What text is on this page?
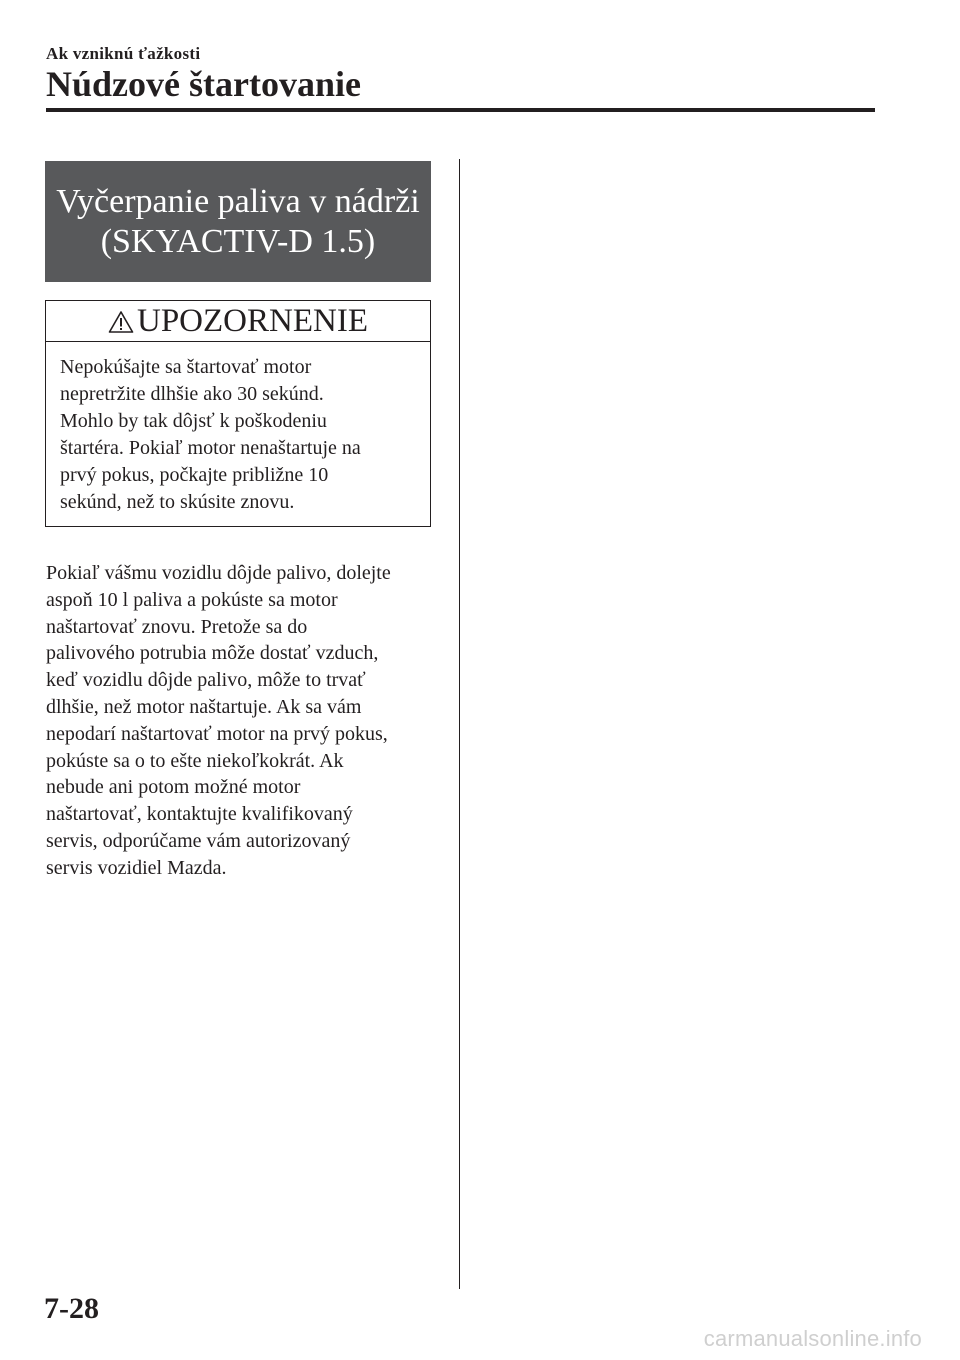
Ak vzniknú ťažkosti
Núdzové štartovanie
Vyčerpanie paliva v nádrži (SKYACTIV-D 1.5)
UPOZORNENIE

Nepokúšajte sa štartovať motor
nepretržite dlhšie ako 30 sekúnd.
Mohlo by tak dôjsť k poškodeniu
štartéra. Pokiaľ motor nenaštartuje na
prvý pokus, počkajte približne 10
sekúnd, než to skúsite znovu.

Pokiaľ vášmu vozidlu dôjde palivo, dolejte
aspoň 10 l paliva a pokúste sa motor
naštartovať znovu. Pretože sa do
palivového potrubia môže dostať vzduch,
keď vozidlu dôjde palivo, môže to trvať
dlhšie, než motor naštartuje. Ak sa vám
nepodarí naštartovať motor na prvý pokus,
pokúste sa o to ešte niekoľkokrát. Ak
nebude ani potom možné motor
naštartovať, kontaktujte kvalifikovaný
servis, odporúčame vám autorizovaný
servis vozidiel Mazda.
7-28
carmanualsonline.info
